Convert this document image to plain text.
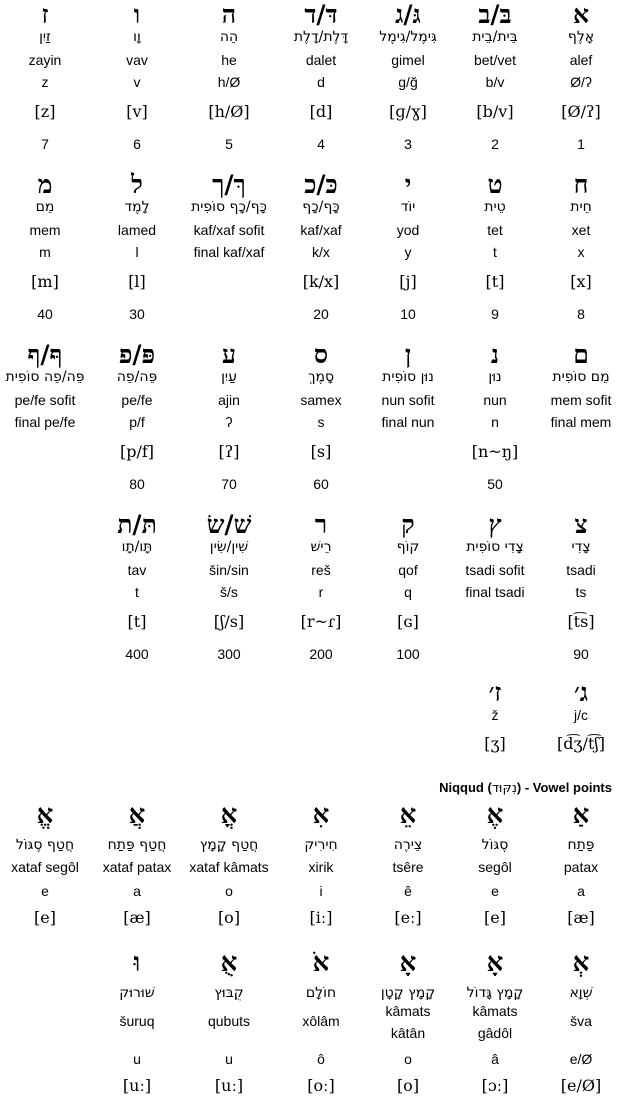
Niqqud (נִקּוּד) - Vowel points
א
אָלֶף
alef
Ø/ʔ
[Ø/ʔ]
1
בּ/ב
בֵּית/בֵית
bet/vet
b/v
[b/v]
2
גּ/ג
גִּימֶל/גִימֶל
gimel
g/ğ
[ɡ/ɣ]
3
דּ/ד
דָּלֶת/דָלֶת
dalet
d
[d]
4
ה
הֵה
he
h/Ø
[h/Ø]
5
ו
וָו
vav
v
[v]
6
ז
זַיִן
zayin
z
[z]
7
ח
חֵית
xet
x
[x]
8
ט
טֵית
tet
t
[t]
9
י
יוֹד
yod
y
[j]
10
כּ/כ
כָּף/כָף
kaf/xaf
k/x
[k/x]
20
ךּ/ך
כָּף/כָף סוֹפִית
kaf/xaf sofit
final kaf/xaf
ל
לָמֶד
lamed
l
[l]
30
מ
מֵם
mem
m
[m]
40
ם
מֵם סוֹפִית
mem sofit
final mem
נ
נוּן
nun
n
[n~ŋ]
50
ן
נוּן סוֹפִית
nun sofit
final nun
ס
סָמֶךְ
samex
s
[s]
60
ע
עַיִן
ajin
ʔ
[ʔ]
70
פּ/פ
פֵּה/פֵה
pe/fe
p/f
[p/f]
80
ףּ/ף
פֵּה/פֵה סוֹפִית
pe/fe sofit
final pe/fe
צ
צָדִי
tsadi
ts
[t͡s]
90
ץ
צָדִי סוֹפִית
tsadi sofit
final tsadi
ק
קוֹף
qof
q
[ɢ]
100
ר
רֵישׁ
reš
r
[r~ɾ]
200
שׁ/שׂ
שִׁין/שִׂין
šin/sin
š/s
[ʃ/s]
300
תּ/ת
תָּו/תָו
tav
t
[t]
400
ג׳
j/c
[d͡ʒ/t͡ʃ]
ז׳
ž
[ʒ]
אַ
פַּתַח
patax
a
[æ]
אֶ
סֶגּוֹל
segôl
e
[e]
אֵ
צֵירֶה
tsêre
ê
[eː]
אִ
חִירִיק
xirik
i
[iː]
אֳ
חֲטַף קָמָץ
xataf kâmats
o
[o]
אֲ
חֲטַף פַּתַח
xataf patax
a
[æ]
אֱ
חֲטַף סֶגּוֹל
xataf segôl
e
[e]
אְ
שְׁוָא
šva
e/Ø
[e/Ø]
אָ
קָמָץ גָּדוֹל
kâmats
gâdôl
â
[ɔː]
אָ
קָמָץ קָטָן
kâmats
kâtân
o
[o]
אֹ
חוֹלָם
xôlâm
ô
[oː]
אֻ
קֻבּוּץ
qubuts
u
[uː]
וּ
שׁוּרוּק
šuruq
u
[uː]
